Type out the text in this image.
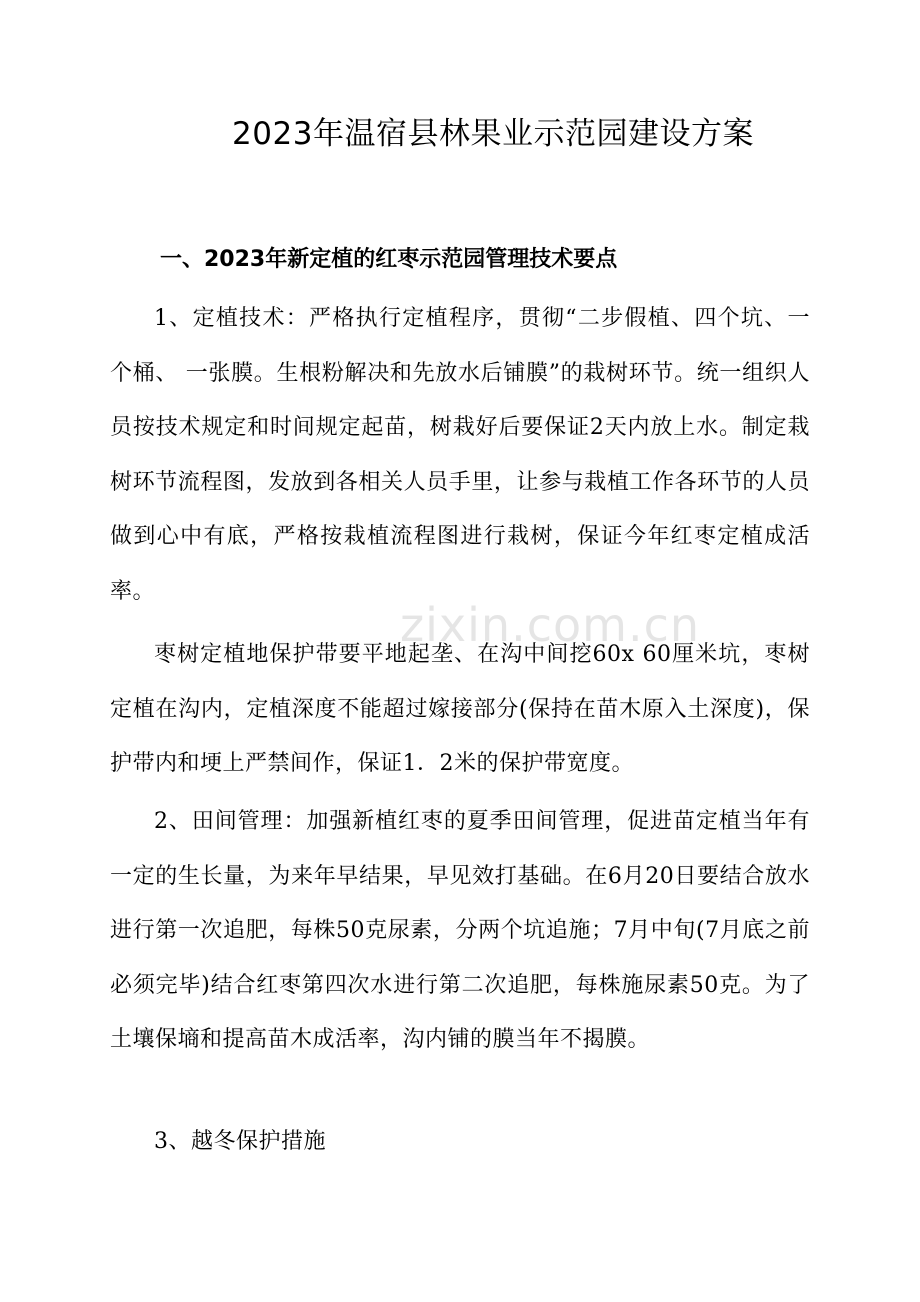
2023年温宿县林果业示范园建设方案
一、2023年新定植的红枣示范园管理技术要点
1、定植技术：严格执行定植程序，贯彻“二步假植、四个坑、一个桶、 一张膜。生根粉解决和先放水后铺膜”的栽树环节。统一组织人员按技术规定和时间规定起苗，树栽好后要保证2天内放上水。制定栽树环节流程图，发放到各相关人员手里，让参与栽植工作各环节的人员做到心中有底，严格按栽植流程图进行栽树，保证今年红枣定植成活率。
枣树定植地保护带要平地起垄、在沟中间挖60x 60厘米坑，枣树定植在沟内，定植深度不能超过嫁接部分(保持在苗木原入土深度)，保护带内和埂上严禁间作，保证1．2米的保护带宽度。
2、田间管理：加强新植红枣的夏季田间管理，促进苗定植当年有一定的生长量，为来年早结果，早见效打基础。在6月20日要结合放水进行第一次追肥，每株50克尿素，分两个坑追施；7月中旬(7月底之前必须完毕)结合红枣第四次水进行第二次追肥，每株施尿素50克。为了土壤保墒和提高苗木成活率，沟内铺的膜当年不揭膜。
3、越冬保护措施
zixin.com.cn
